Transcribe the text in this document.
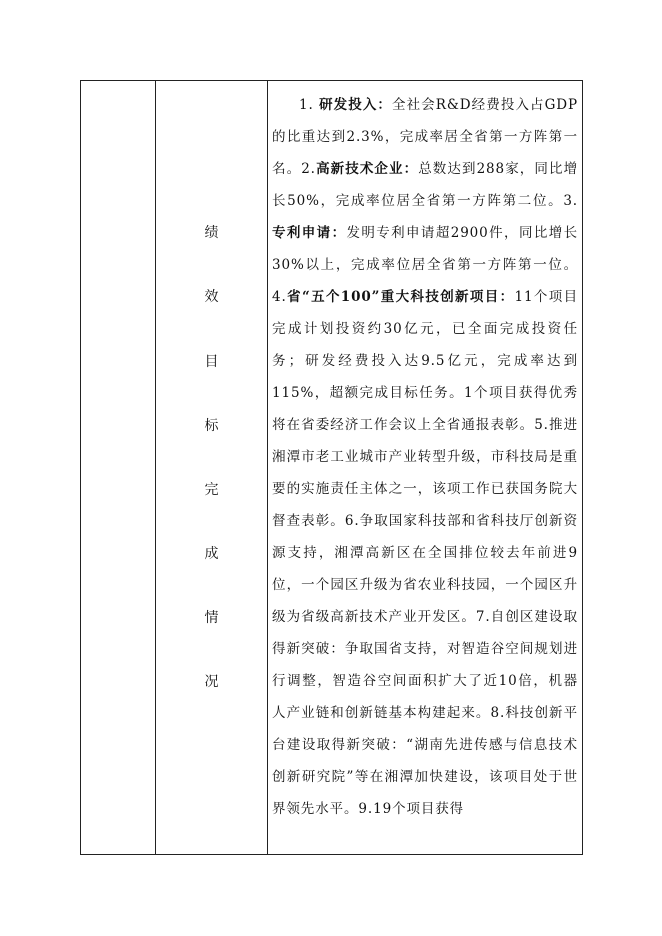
绩
效
目
标
完
成
情
况

1. 研发投入：全社会R&D经费投入占GDP的比重达到2.3%，完成率居全省第一方阵第一名。2.高新技术企业：总数达到288家，同比增长50%，完成率位居全省第一方阵第二位。3.专利申请：发明专利申请超2900件，同比增长30%以上，完成率位居全省第一方阵第一位。4.省“五个100”重大科技创新项目：11个项目完成计划投资约30亿元，已全面完成投资任务；研发经费投入达9.5亿元，完成率达到115%，超额完成目标任务。1个项目获得优秀将在省委经济工作会议上全省通报表彰。5.推进湘潭市老工业城市产业转型升级，市科技局是重要的实施责任主体之一，该项工作已获国务院大督查表彰。6.争取国家科技部和省科技厅创新资源支持，湘潭高新区在全国排位较去年前进9位，一个园区升级为省农业科技园，一个园区升级为省级高新技术产业开发区。7.自创区建设取得新突破：争取国省支持，对智造谷空间规划进行调整，智造谷空间面积扩大了近10倍，机器人产业链和创新链基本构建起来。8.科技创新平台建设取得新突破：“湖南先进传感与信息技术创新研究院”等在湘潭加快建设，该项目处于世界领先水平。9.19个项目获得
